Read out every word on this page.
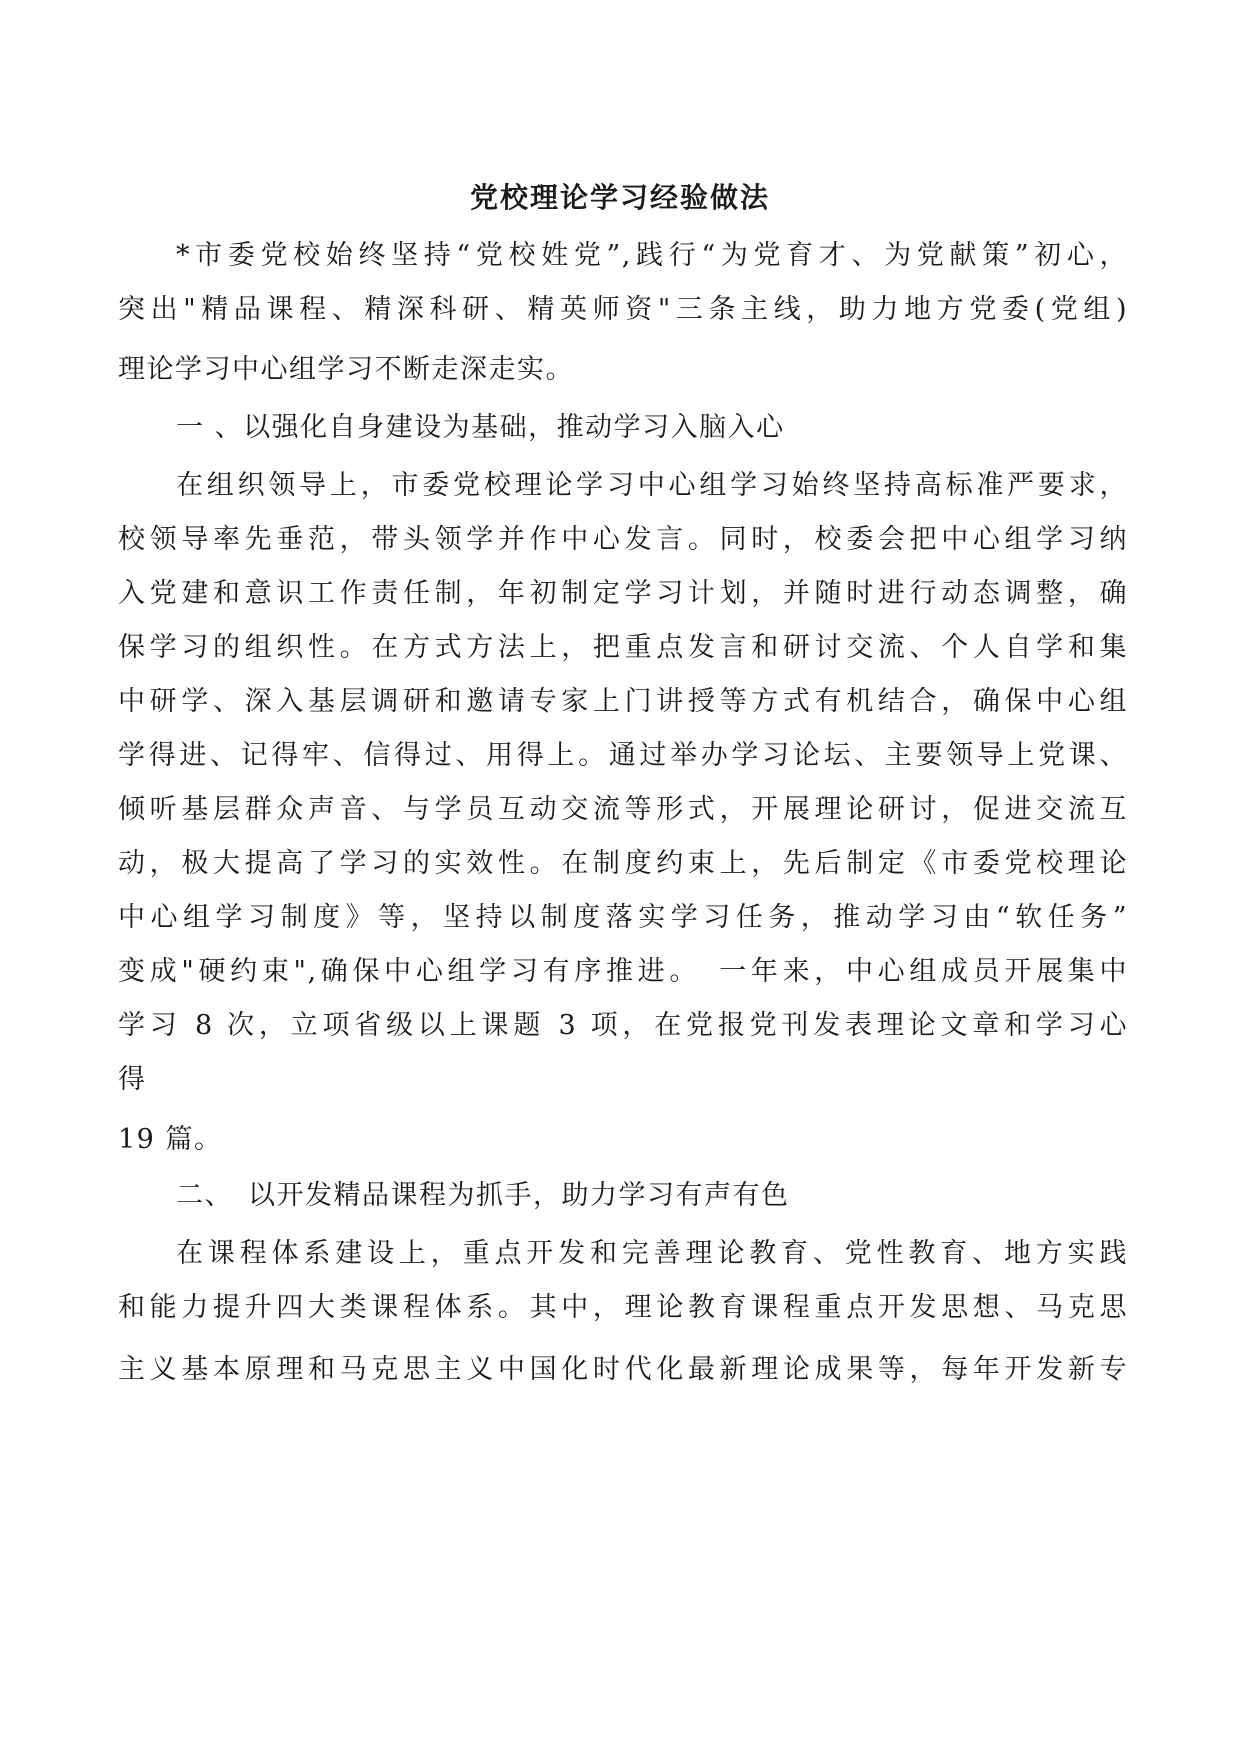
党校理论学习经验做法
*市委党校始终坚持“党校姓党”,践行“为党育才、为党献策”初心，
突出"精品课程、精深科研、精英师资"三条主线，助力地方党委(党组)
理论学习中心组学习不断走深走实。
一 、以强化自身建设为基础，推动学习入脑入心
在组织领导上，市委党校理论学习中心组学习始终坚持高标准严要求，
校领导率先垂范，带头领学并作中心发言。同时，校委会把中心组学习纳
入党建和意识工作责任制，年初制定学习计划，并随时进行动态调整，确
保学习的组织性。在方式方法上，把重点发言和研讨交流、个人自学和集
中研学、深入基层调研和邀请专家上门讲授等方式有机结合，确保中心组
学得进、记得牢、信得过、用得上。通过举办学习论坛、主要领导上党课、
倾听基层群众声音、与学员互动交流等形式，开展理论研讨，促进交流互
动，极大提高了学习的实效性。在制度约束上，先后制定《市委党校理论
中心组学习制度》等，坚持以制度落实学习任务，推动学习由“软任务”
变成"硬约束",确保中心组学习有序推进。　一年来，中心组成员开展集中
学习 8 次，立项省级以上课题 3 项，在党报党刊发表理论文章和学习心
得
19 篇。
二、　以开发精品课程为抓手，助力学习有声有色
在课程体系建设上，重点开发和完善理论教育、党性教育、地方实践
和能力提升四大类课程体系。其中，理论教育课程重点开发思想、马克思
主义基本原理和马克思主义中国化时代化最新理论成果等，每年开发新专
